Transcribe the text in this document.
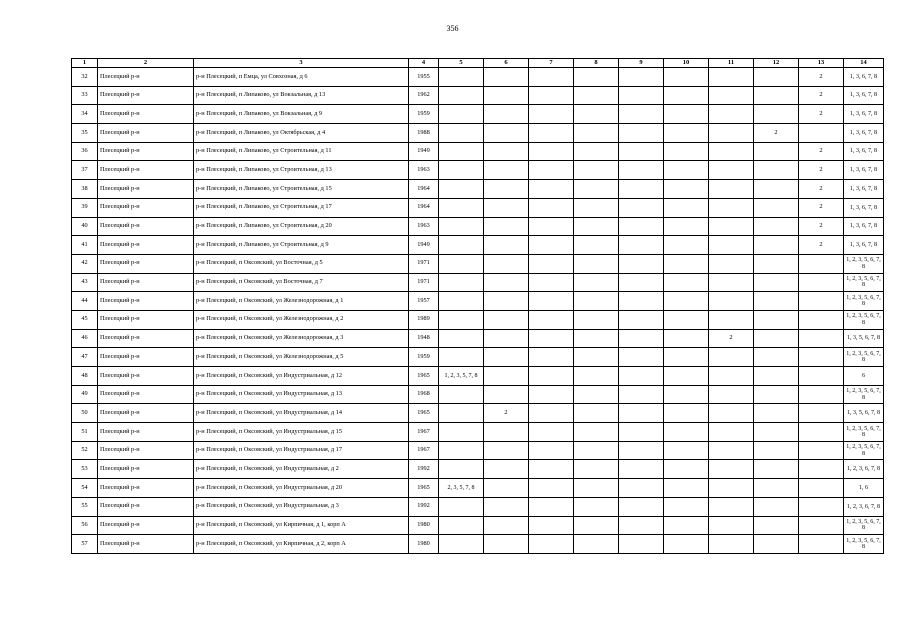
356
1	2	3	4	5	6	7	8	9	10	11	12	13	14
32	Плесецкий р-н	р-н Плесецкий, п Емца, ул Совхозная, д 6	1955									2	1, 3, 6, 7, 8
33	Плесецкий р-н	р-н Плесецкий, п Липаково, ул Вокзальная, д 13	1962									2	1, 3, 6, 7, 8
34	Плесецкий р-н	р-н Плесецкий, п Липаково, ул Вокзальная, д 9	1959									2	1, 3, 6, 7, 8
35	Плесецкий р-н	р-н Плесецкий, п Липаково, ул Октябрьская, д 4	1988								2		1, 3, 6, 7, 8
36	Плесецкий р-н	р-н Плесецкий, п Липаково, ул Строительная, д 11	1949									2	1, 3, 6, 7, 8
37	Плесецкий р-н	р-н Плесецкий, п Липаково, ул Строительная, д 13	1963									2	1, 3, 6, 7, 8
38	Плесецкий р-н	р-н Плесецкий, п Липаково, ул Строительная, д 15	1964									2	1, 3, 6, 7, 8
39	Плесецкий р-н	р-н Плесецкий, п Липаково, ул Строительная, д 17	1964									2	1, 3, 6, 7, 8
40	Плесецкий р-н	р-н Плесецкий, п Липаково, ул Строительная, д 20	1963									2	1, 3, 6, 7, 8
41	Плесецкий р-н	р-н Плесецкий, п Липаково, ул Строительная, д 9	1949									2	1, 3, 6, 7, 8
42	Плесецкий р-н	р-н Плесецкий, п Оксовский, ул Восточная, д 5	1971										1, 2, 3, 5, 6, 7, 8
43	Плесецкий р-н	р-н Плесецкий, п Оксовский, ул Восточная, д 7	1971										1, 2, 3, 5, 6, 7, 8
44	Плесецкий р-н	р-н Плесецкий, п Оксовский, ул Железнодорожная, д 1	1957										1, 2, 3, 5, 6, 7, 8
45	Плесецкий р-н	р-н Плесецкий, п Оксовский, ул Железнодорожная, д 2	1989										1, 2, 3, 5, 6, 7, 8
46	Плесецкий р-н	р-н Плесецкий, п Оксовский, ул Железнодорожная, д 3	1948							2			1, 3, 5, 6, 7, 8
47	Плесецкий р-н	р-н Плесецкий, п Оксовский, ул Железнодорожная, д 5	1959										1, 2, 3, 5, 6, 7, 8
48	Плесецкий р-н	р-н Плесецкий, п Оксовский, ул Индустриальная, д 12	1965	1, 2, 3, 5, 7, 8									6
49	Плесецкий р-н	р-н Плесецкий, п Оксовский, ул Индустриальная, д 13	1968										1, 2, 3, 5, 6, 7, 8
50	Плесецкий р-н	р-н Плесецкий, п Оксовский, ул Индустриальная, д 14	1965		2								1, 3, 5, 6, 7, 8
51	Плесецкий р-н	р-н Плесецкий, п Оксовский, ул Индустриальная, д 15	1967										1, 2, 3, 5, 6, 7, 8
52	Плесецкий р-н	р-н Плесецкий, п Оксовский, ул Индустриальная, д 17	1967										1, 2, 3, 5, 6, 7, 8
53	Плесецкий р-н	р-н Плесецкий, п Оксовский, ул Индустриальная, д 2	1992										1, 2, 3, 6, 7, 8
54	Плесецкий р-н	р-н Плесецкий, п Оксовский, ул Индустриальная, д 20	1965	2, 3, 5, 7, 8									1, 6
55	Плесецкий р-н	р-н Плесецкий, п Оксовский, ул Индустриальная, д 3	1992										1, 2, 3, 6, 7, 8
56	Плесецкий р-н	р-н Плесецкий, п Оксовский, ул Кирпичная, д 1, корп А	1980										1, 2, 3, 5, 6, 7, 8
57	Плесецкий р-н	р-н Плесецкий, п Оксовский, ул Кирпичная, д 2, корп А	1980										1, 2, 3, 5, 6, 7, 8
